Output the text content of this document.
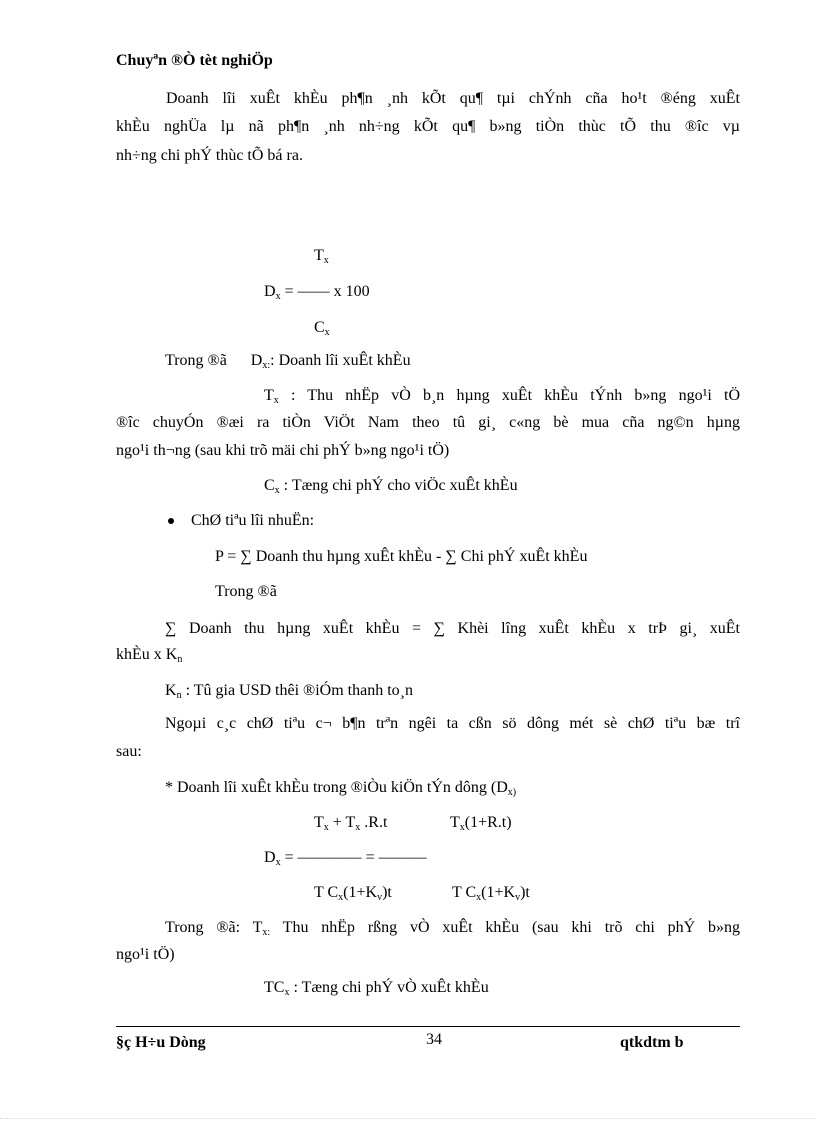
Chuyªn ®Ò tèt nghiÖp
Doanh lîi xuÊt khÈu ph¶n ¸nh kÕt qu¶ tµi chÝnh cña ho¹t ®éng xuÊt
khÈu nghÜa lµ nã ph¶n ¸nh nh÷ng kÕt qu¶ b»ng tiÒn thùc tÕ thu ®îc vµ
nh÷ng chi phÝ thùc tÕ bá ra.
$T_x$
$D_x$ = —— x 100
$C_x$
Trong ®ã $D_{x:}$: Doanh lîi xuÊt khÈu
$T_x$ : Thu nhËp vÒ b¸n hµng xuÊt khÈu tÝnh b»ng ngo¹i tÖ
®îc chuyÓn ®æi ra tiÒn ViÖt Nam theo tû gi¸ c«ng bè mua cña ng©n hµng
ngo¹i th¬ng (sau khi trõ mäi chi phÝ b»ng ngo¹i tÖ)
$C_x$ : Tæng chi phÝ cho viÖc xuÊt khÈu
ChØ tiªu lîi nhuËn:
P = ∑ Doanh thu hµng xuÊt khÈu - ∑ Chi phÝ xuÊt khÈu
Trong ®ã
∑ Doanh thu hµng xuÊt khÈu = ∑ Khèi lîng xuÊt khÈu x trÞ gi¸ xuÊt
khÈu x $K_n$
$K_n$ : Tû gia USD thêi ®iÓm thanh to¸n
Ngoµi c¸c chØ tiªu c¬ b¶n trªn ngêi ta cßn sö dông mét sè chØ tiªu bæ trî
sau:
* Doanh lîi xuÊt khÈu trong ®iÒu kiÖn tÝn dông ($D_{x)}$
$T_x + T_x$ .R.t	$T_x(1+R.t)$
$D_x$ = ———— = ———
T $C_x(1+K_v)t$	T $C_x(1+K_v)t$
Trong ®ã: $T_{x:}$ Thu nhËp rßng vÒ xuÊt khÈu (sau khi trõ chi phÝ b»ng
ngo¹i tÖ)
$TC_x$ : Tæng chi phÝ vÒ xuÊt khÈu
§ç H÷u Dòng	34	qtkdtm b
